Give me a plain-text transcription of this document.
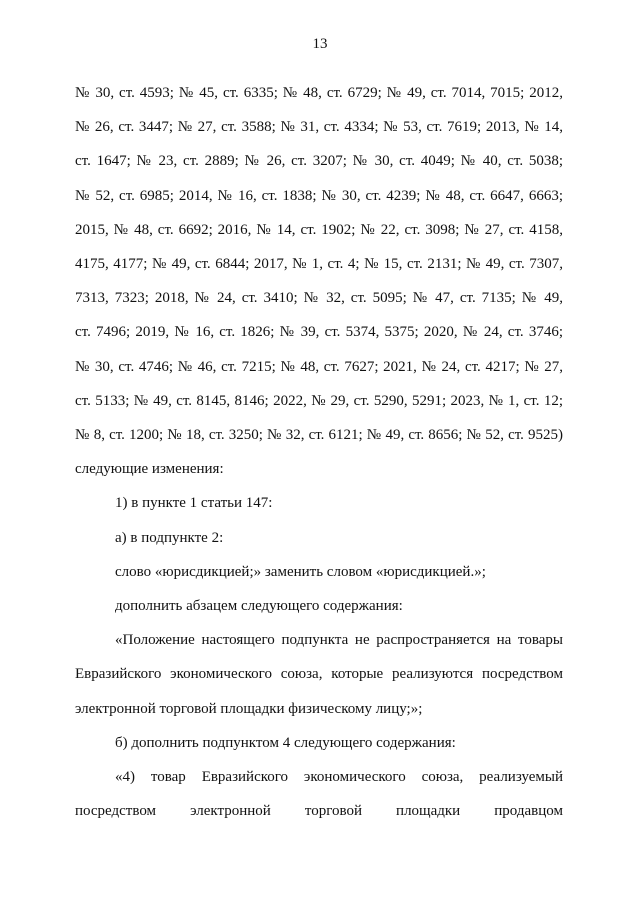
13
№ 30, ст. 4593; № 45, ст. 6335; № 48, ст. 6729; № 49, ст. 7014, 7015; 2012,
№ 26, ст. 3447; № 27, ст. 3588; № 31, ст. 4334; № 53, ст. 7619; 2013, № 14,
ст. 1647; № 23, ст. 2889; № 26, ст. 3207; № 30, ст. 4049; № 40, ст. 5038;
№ 52, ст. 6985; 2014, № 16, ст. 1838; № 30, ст. 4239; № 48, ст. 6647, 6663;
2015, № 48, ст. 6692; 2016, № 14, ст. 1902; № 22, ст. 3098; № 27, ст. 4158,
4175, 4177; № 49, ст. 6844; 2017, № 1, ст. 4; № 15, ст. 2131; № 49, ст. 7307,
7313, 7323; 2018, № 24, ст. 3410; № 32, ст. 5095; № 47, ст. 7135; № 49,
ст. 7496; 2019, № 16, ст. 1826; № 39, ст. 5374, 5375; 2020, № 24, ст. 3746;
№ 30, ст. 4746; № 46, ст. 7215; № 48, ст. 7627; 2021, № 24, ст. 4217; № 27,
ст. 5133; № 49, ст. 8145, 8146; 2022, № 29, ст. 5290, 5291; 2023, № 1, ст. 12;
№ 8, ст. 1200; № 18, ст. 3250; № 32, ст. 6121; № 49, ст. 8656; № 52, ст. 9525)
следующие изменения:

1) в пункте 1 статьи 147:

а) в подпункте 2:

слово «юрисдикцией;» заменить словом «юрисдикцией.»;

дополнить абзацем следующего содержания:

«Положение настоящего подпункта не распространяется на товары Евразийского экономического союза, которые реализуются посредством электронной торговой площадки физическому лицу;»;

б) дополнить подпунктом 4 следующего содержания:

«4) товар Евразийского экономического союза, реализуемый

посредством электронной торговой площадки продавцом
